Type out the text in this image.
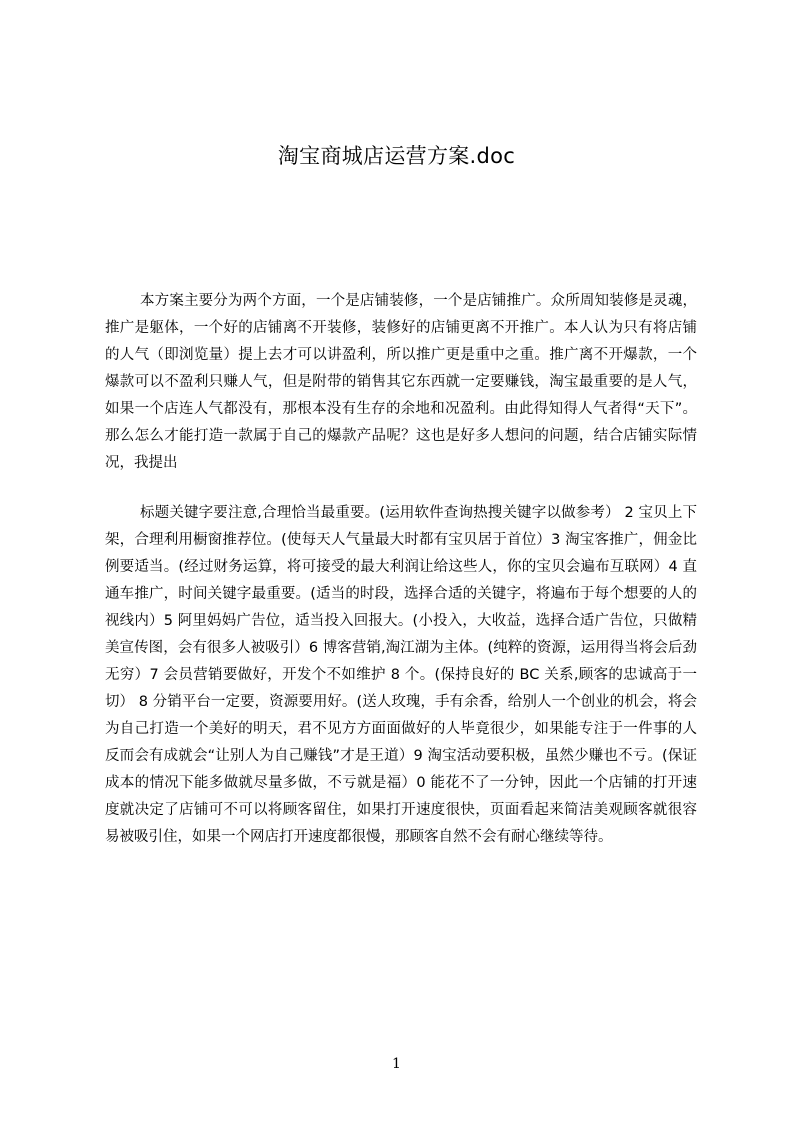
淘宝商城店运营方案.doc

本方案主要分为两个方面，一个是店铺装修，一个是店铺推广。众所周知装修是灵魂，推广是躯体，一个好的店铺离不开装修，装修好的店铺更离不开推广。本人认为只有将店铺的人气（即浏览量）提上去才可以讲盈利，所以推广更是重中之重。推广离不开爆款，一个爆款可以不盈利只赚人气，但是附带的销售其它东西就一定要赚钱，淘宝最重要的是人气，如果一个店连人气都没有，那根本没有生存的余地和况盈利。由此得知得人气者得“天下”。那么怎么才能打造一款属于自己的爆款产品呢？这也是好多人想问的问题，结合店铺实际情况，我提出

标题关键字要注意,合理恰当最重要。(运用软件查询热搜关键字以做参考） 2 宝贝上下架，合理利用橱窗推荐位。(使每天人气量最大时都有宝贝居于首位）3 淘宝客推广，佣金比例要适当。(经过财务运算，将可接受的最大利润让给这些人，你的宝贝会遍布互联网）4 直通车推广，时间关键字最重要。(适当的时段，选择合适的关键字，将遍布于每个想要的人的视线内）5 阿里妈妈广告位，适当投入回报大。(小投入，大收益，选择合适广告位，只做精美宣传图，会有很多人被吸引）6 博客营销,淘江湖为主体。(纯粹的资源，运用得当将会后劲无穷）7 会员营销要做好，开发个不如维护 8 个。(保持良好的 BC 关系,顾客的忠诚高于一切） 8 分销平台一定要，资源要用好。(送人玫瑰，手有余香，给别人一个创业的机会，将会为自己打造一个美好的明天，君不见方方面面做好的人毕竟很少，如果能专注于一件事的人反而会有成就会“让别人为自己赚钱”才是王道）9 淘宝活动要积极，虽然少赚也不亏。(保证成本的情况下能多做就尽量多做，不亏就是福）0 能花不了一分钟，因此一个店铺的打开速度就决定了店铺可不可以将顾客留住，如果打开速度很快，页面看起来简洁美观顾客就很容易被吸引住，如果一个网店打开速度都很慢，那顾客自然不会有耐心继续等待。

1
